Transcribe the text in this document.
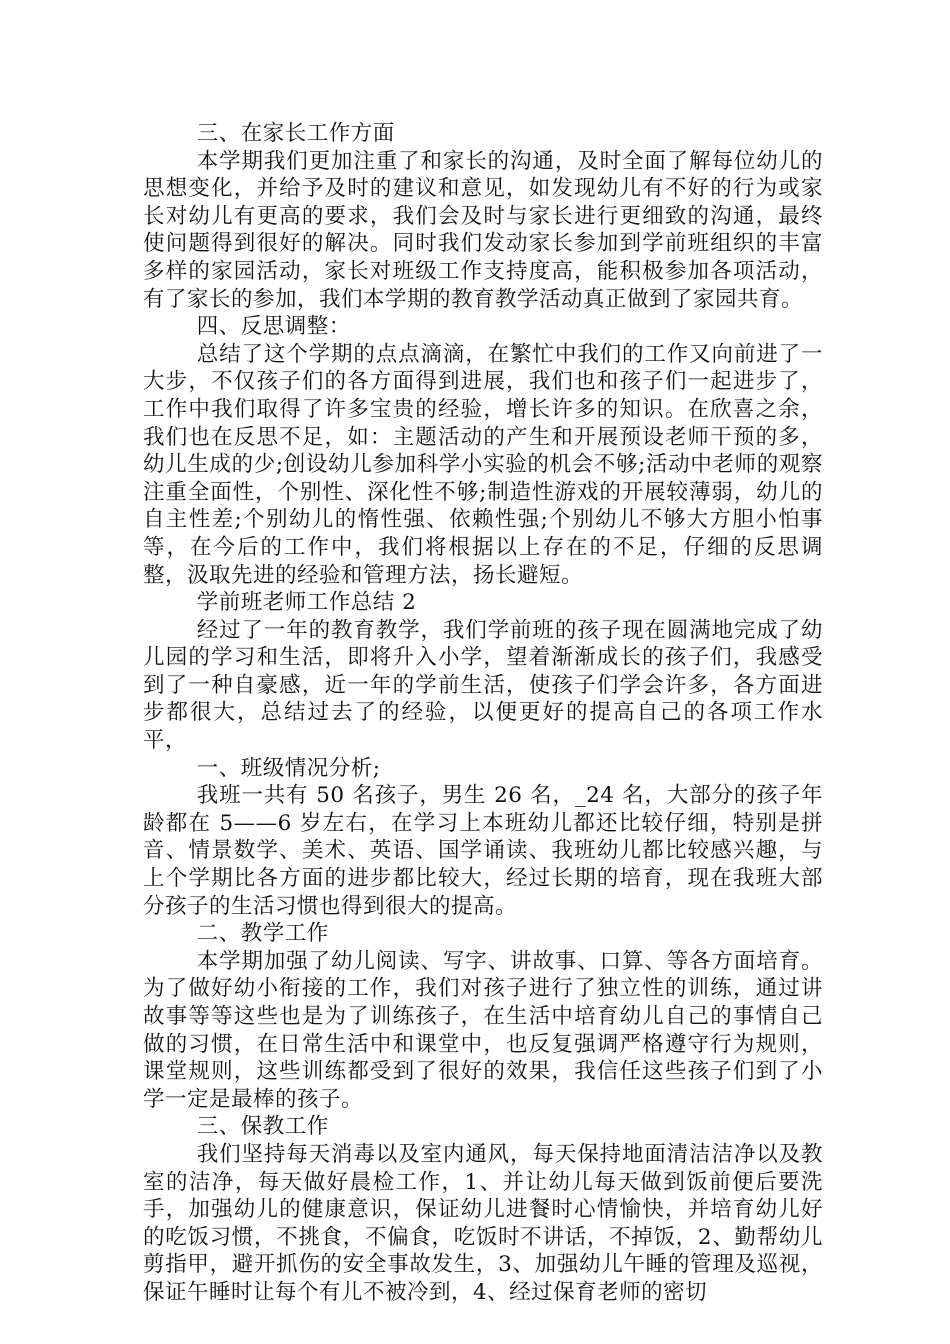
三、在家长工作方面

本学期我们更加注重了和家长的沟通，及时全面了解每位幼儿的思想变化，并给予及时的建议和意见，如发现幼儿有不好的行为或家长对幼儿有更高的要求，我们会及时与家长进行更细致的沟通，最终使问题得到很好的解决。同时我们发动家长参加到学前班组织的丰富多样的家园活动，家长对班级工作支持度高，能积极参加各项活动，有了家长的参加，我们本学期的教育教学活动真正做到了家园共育。

四、反思调整：

总结了这个学期的点点滴滴，在繁忙中我们的工作又向前进了一大步，不仅孩子们的各方面得到进展，我们也和孩子们一起进步了，工作中我们取得了许多宝贵的经验，增长许多的知识。在欣喜之余，我们也在反思不足，如：主题活动的产生和开展预设老师干预的多，幼儿生成的少;创设幼儿参加科学小实验的机会不够;活动中老师的观察注重全面性，个别性、深化性不够;制造性游戏的开展较薄弱，幼儿的自主性差;个别幼儿的惰性强、依赖性强;个别幼儿不够大方胆小怕事等，在今后的工作中，我们将根据以上存在的不足，仔细的反思调整，汲取先进的经验和管理方法，扬长避短。

学前班老师工作总结 2

经过了一年的教育教学，我们学前班的孩子现在圆满地完成了幼儿园的学习和生活，即将升入小学，望着渐渐成长的孩子们，我感受到了一种自豪感，近一年的学前生活，使孩子们学会许多，各方面进步都很大，总结过去了的经验，以便更好的提高自己的各项工作水平，

一、班级情况分析;

我班一共有 50 名孩子，男生 26 名，_24 名，大部分的孩子年龄都在 5——6 岁左右，在学习上本班幼儿都还比较仔细，特别是拼音、情景数学、美术、英语、国学诵读、我班幼儿都比较感兴趣，与上个学期比各方面的进步都比较大，经过长期的培育，现在我班大部分孩子的生活习惯也得到很大的提高。

二、教学工作

本学期加强了幼儿阅读、写字、讲故事、口算、等各方面培育。为了做好幼小衔接的工作，我们对孩子进行了独立性的训练，通过讲故事等等这些也是为了训练孩子，在生活中培育幼儿自己的事情自己做的习惯，在日常生活中和课堂中，也反复强调严格遵守行为规则，课堂规则，这些训练都受到了很好的效果，我信任这些孩子们到了小学一定是最棒的孩子。

三、保教工作

我们坚持每天消毒以及室内通风，每天保持地面清洁洁净以及教室的洁净，每天做好晨检工作，1、并让幼儿每天做到饭前便后要洗手，加强幼儿的健康意识，保证幼儿进餐时心情愉快，并培育幼儿好的吃饭习惯，不挑食，不偏食，吃饭时不讲话，不掉饭，2、勤帮幼儿剪指甲，避开抓伤的安全事故发生，3、加强幼儿午睡的管理及巡视，保证午睡时让每个有儿不被冷到，4、经过保育老师的密切
